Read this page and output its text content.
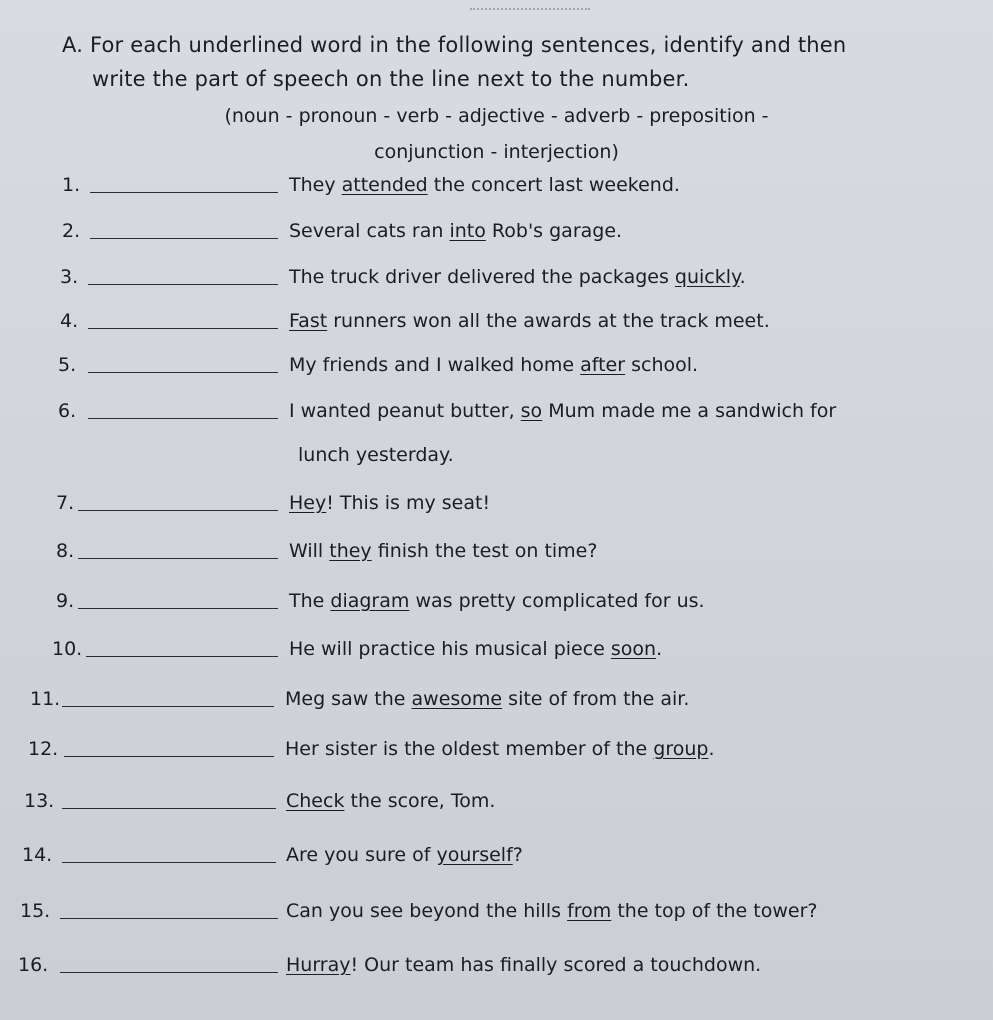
A. For each underlined word in the following sentences, identify and then
write the part of speech on the line next to the number.
(noun - pronoun - verb - adjective - adverb - preposition -
conjunction - interjection)
1.	They attended the concert last weekend.
2.	Several cats ran into Rob's garage.
3.	The truck driver delivered the packages quickly.
4.	Fast runners won all the awards at the track meet.
5.	My friends and I walked home after school.
6.	I wanted peanut butter, so Mum made me a sandwich for
lunch yesterday.
7.	Hey! This is my seat!
8.	Will they finish the test on time?
9.	The diagram was pretty complicated for us.
10.	He will practice his musical piece soon.
11.	Meg saw the awesome site of from the air.
12.	Her sister is the oldest member of the group.
13.	Check the score, Tom.
14.	Are you sure of yourself?
15.	Can you see beyond the hills from the top of the tower?
16.	Hurray! Our team has finally scored a touchdown.
